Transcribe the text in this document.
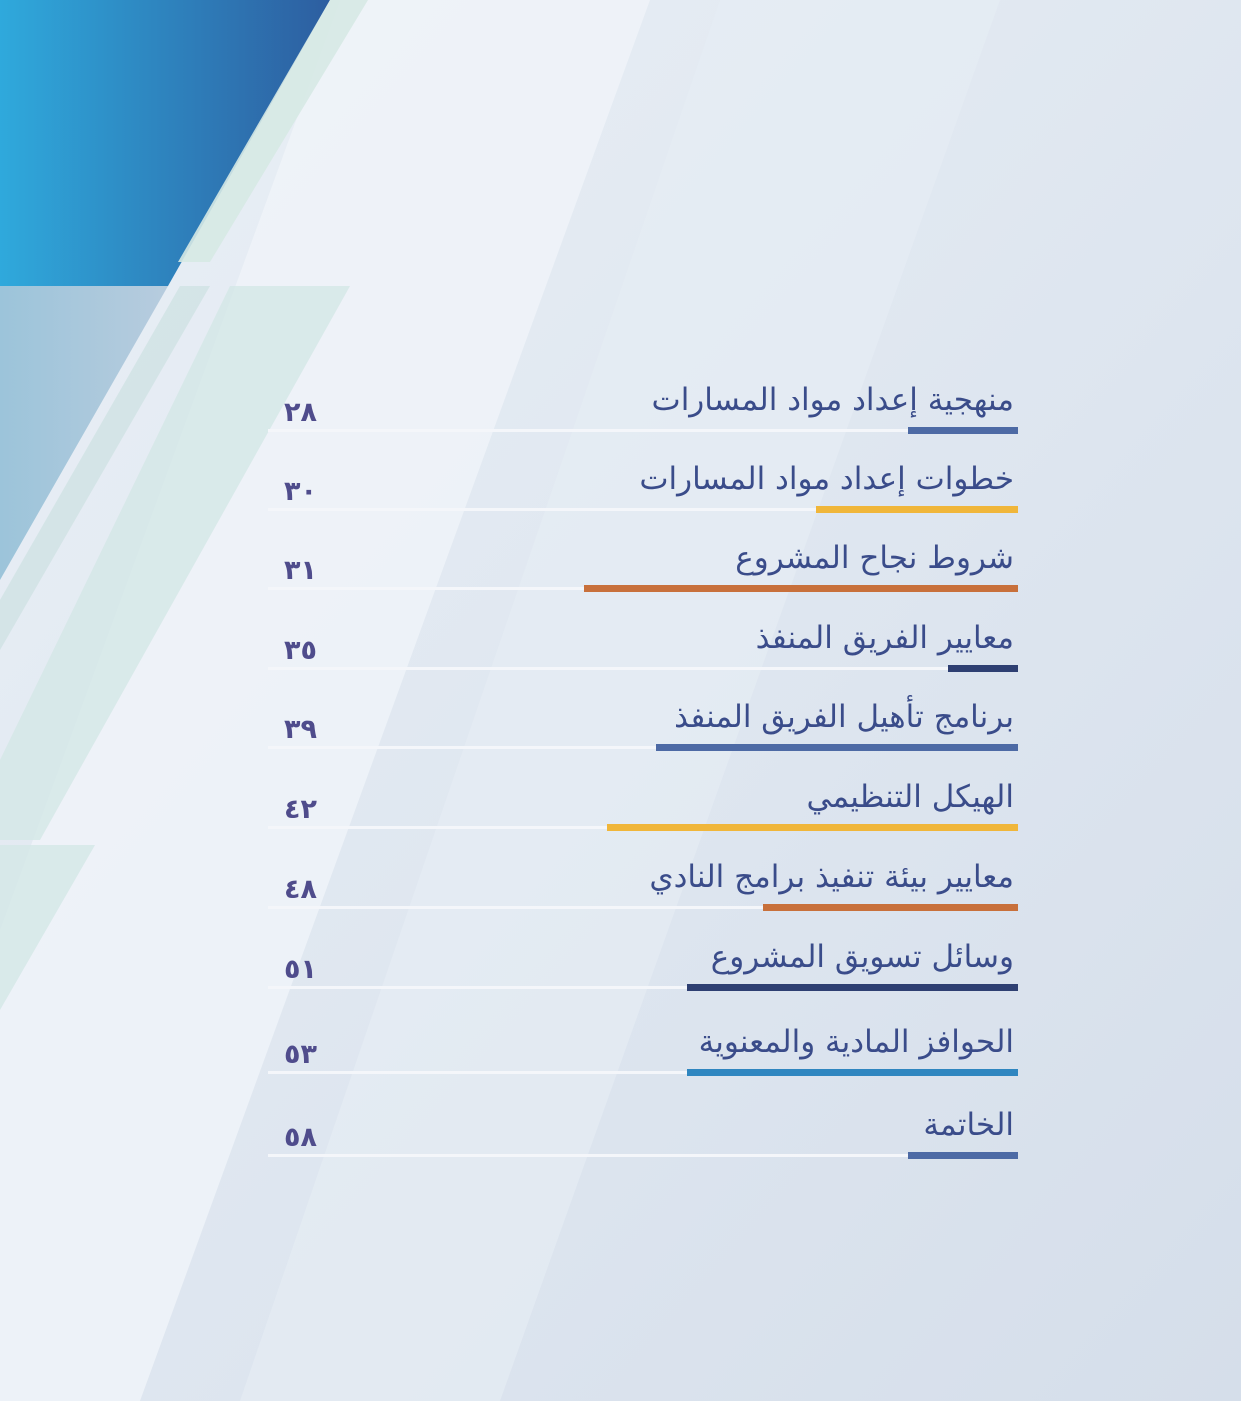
منهجية إعداد مواد المسارات
٢٨
خطوات إعداد مواد المسارات
٣٠
شروط نجاح المشروع
٣١
معايير الفريق المنفذ
٣٥
برنامج تأهيل الفريق المنفذ
٣٩
الهيكل التنظيمي
٤٢
معايير بيئة تنفيذ برامج النادي
٤٨
وسائل تسويق المشروع
٥١
الحوافز المادية والمعنوية
٥٣
الخاتمة
٥٨
